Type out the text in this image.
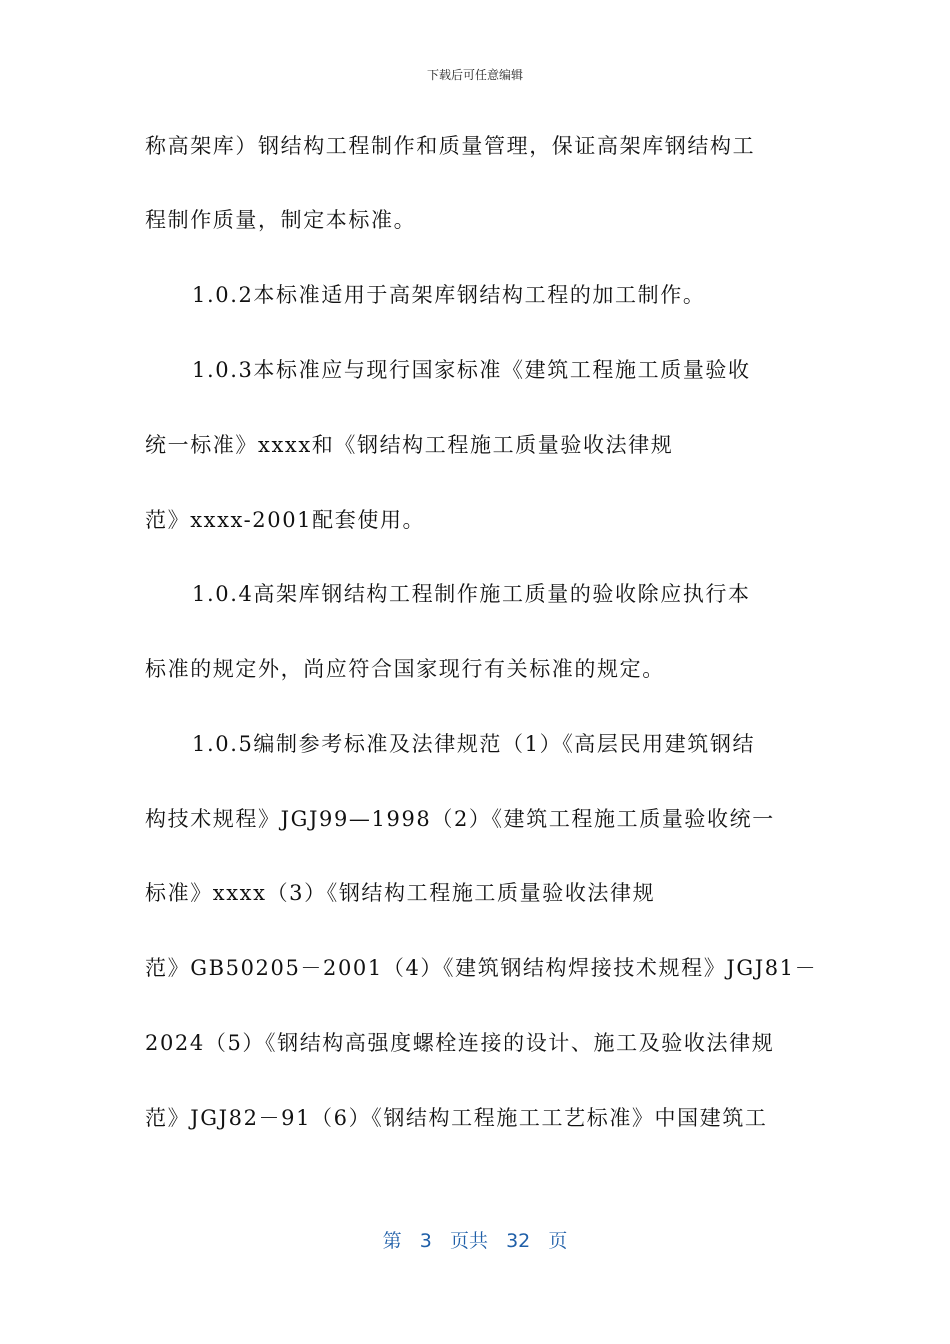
下载后可任意编辑
称高架库）钢结构工程制作和质量管理，保证高架库钢结构工
程制作质量，制定本标准。
1.0.2本标准适用于高架库钢结构工程的加工制作。
1.0.3本标准应与现行国家标准《建筑工程施工质量验收
统一标准》xxxx和《钢结构工程施工质量验收法律规
范》xxxx-2001配套使用。
1.0.4高架库钢结构工程制作施工质量的验收除应执行本
标准的规定外，尚应符合国家现行有关标准的规定。
1.0.5编制参考标准及法律规范（1）《高层民用建筑钢结
构技术规程》JGJ99—1998（2）《建筑工程施工质量验收统一
标准》xxxx（3）《钢结构工程施工质量验收法律规
范》GB50205－2001（4）《建筑钢结构焊接技术规程》JGJ81－
2024（5）《钢结构高强度螺栓连接的设计、施工及验收法律规
范》JGJ82－91（6）《钢结构工程施工工艺标准》中国建筑工
第 3 页共 32 页
